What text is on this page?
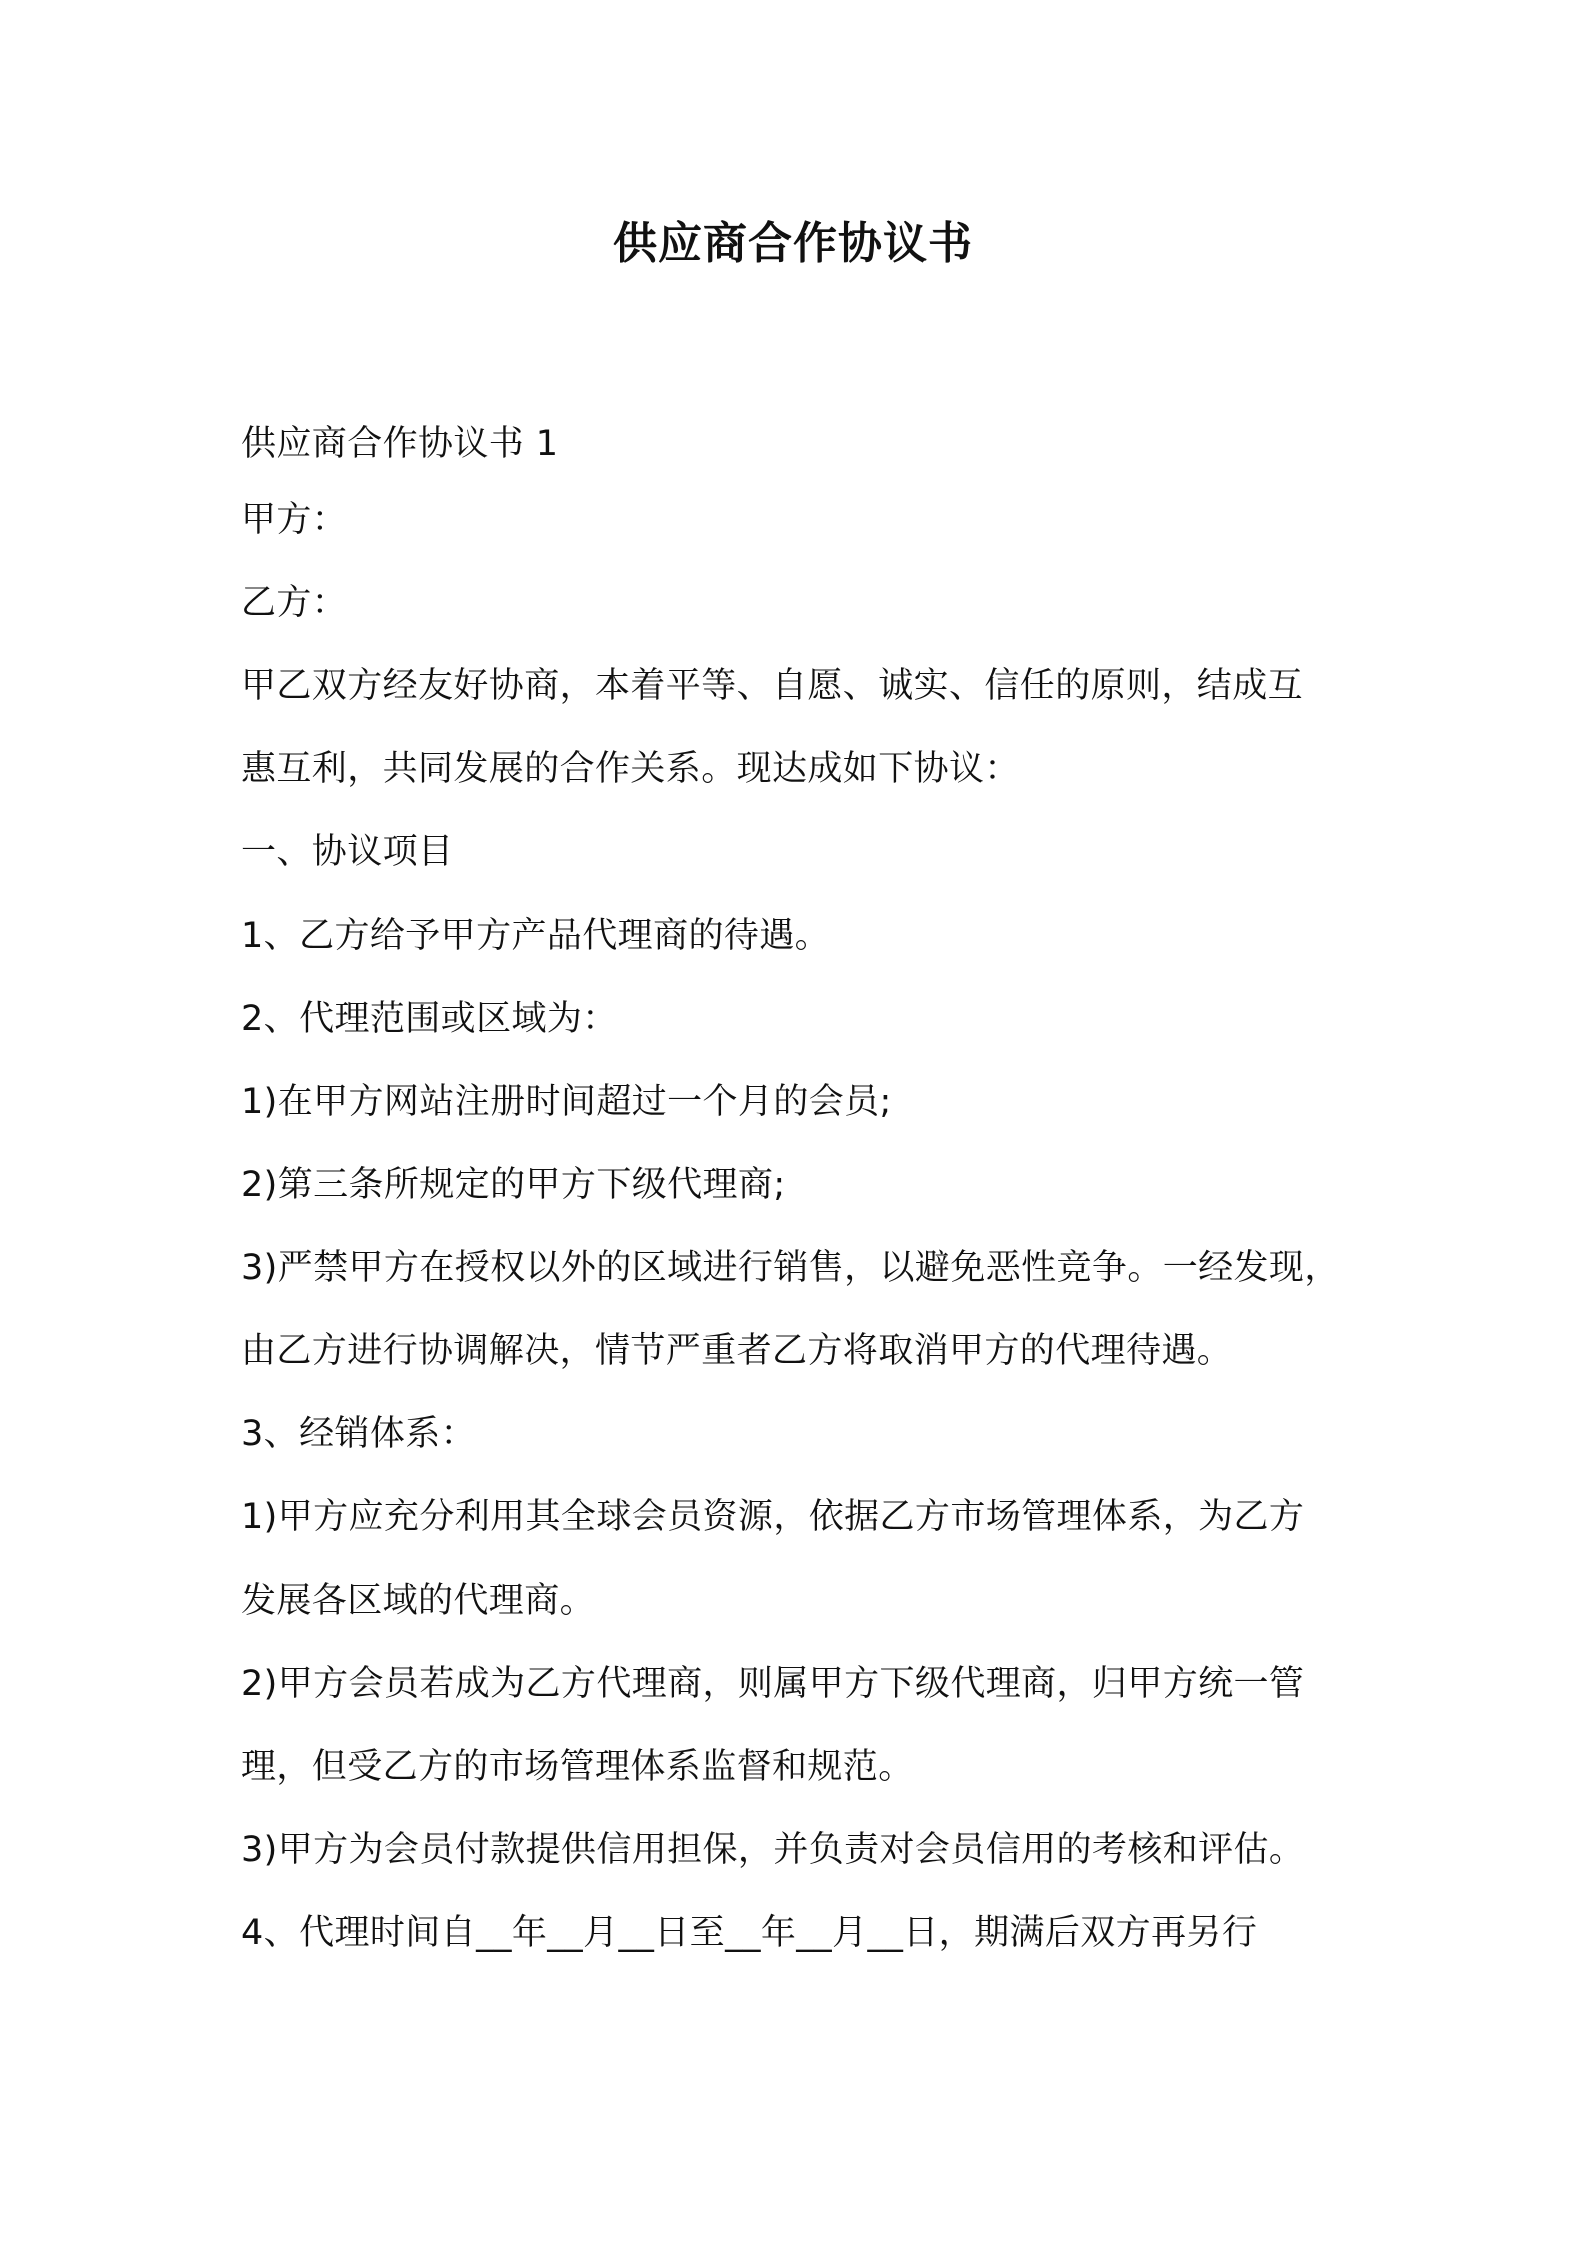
供应商合作协议书
供应商合作协议书 1
甲方：
乙方：
甲乙双方经友好协商，本着平等、自愿、诚实、信任的原则，结成互
惠互利，共同发展的合作关系。现达成如下协议：
一、协议项目
1、乙方给予甲方产品代理商的待遇。
2、代理范围或区域为：
1)在甲方网站注册时间超过一个月的会员;
2)第三条所规定的甲方下级代理商;
3)严禁甲方在授权以外的区域进行销售，以避免恶性竞争。一经发现，
由乙方进行协调解决，情节严重者乙方将取消甲方的代理待遇。
3、经销体系：
1)甲方应充分利用其全球会员资源，依据乙方市场管理体系，为乙方
发展各区域的代理商。
2)甲方会员若成为乙方代理商，则属甲方下级代理商，归甲方统一管
理，但受乙方的市场管理体系监督和规范。
3)甲方为会员付款提供信用担保，并负责对会员信用的考核和评估。
4、代理时间自__年__月__日至__年__月__日，期满后双方再另行
